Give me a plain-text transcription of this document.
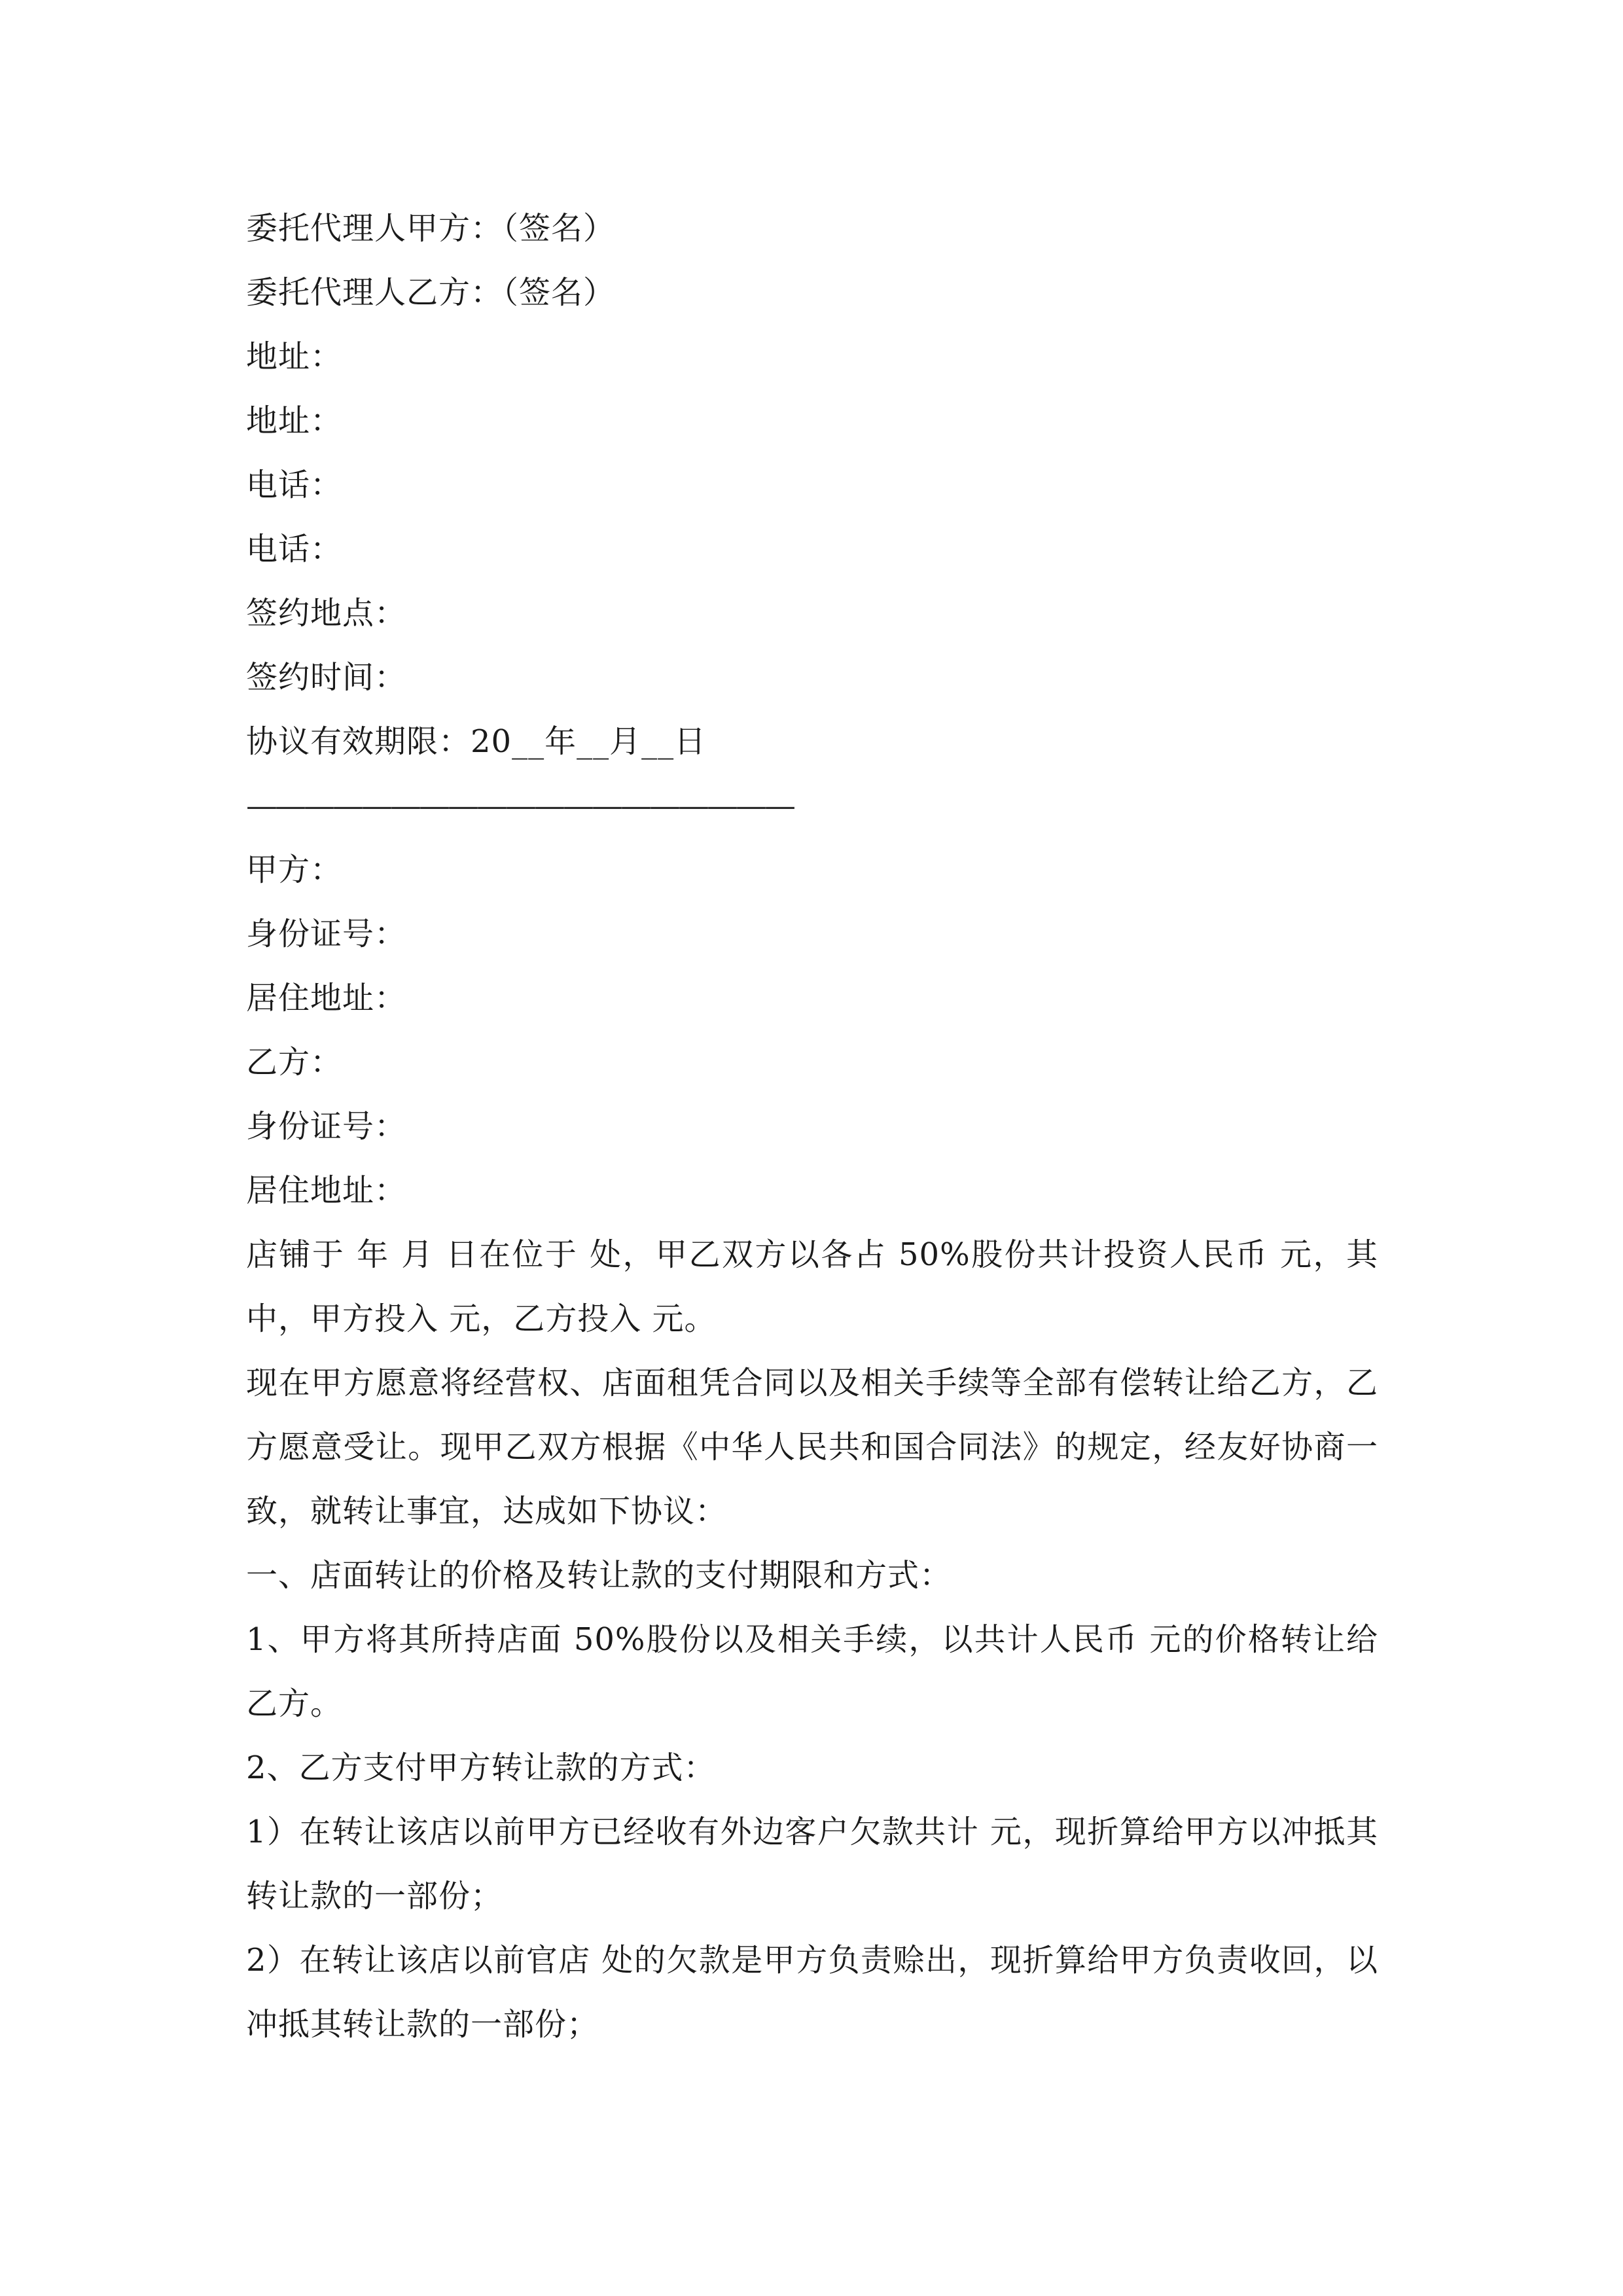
委托代理人甲方：（签名）
委托代理人乙方：（签名）
地址：
地址：
电话：
电话：
签约地点：
签约时间：
协议有效期限：20__年__月__日
———————————————————
甲方：
身份证号：
居住地址：
乙方：
身份证号：
居住地址：
店铺于 年 月 日在位于 处，甲乙双方以各占 50%股份共计投资人民币 元，其中，甲方投入 元，乙方投入 元。
现在甲方愿意将经营权、店面租凭合同以及相关手续等全部有偿转让给乙方，乙方愿意受让。现甲乙双方根据《中华人民共和国合同法》的规定，经友好协商一致，就转让事宜，达成如下协议：
一、店面转让的价格及转让款的支付期限和方式：
1、甲方将其所持店面 50%股份以及相关手续，以共计人民币 元的价格转让给乙方。
2、乙方支付甲方转让款的方式：
1）在转让该店以前甲方已经收有外边客户欠款共计 元，现折算给甲方以冲抵其转让款的一部份；
2）在转让该店以前官店 处的欠款是甲方负责赊出，现折算给甲方负责收回，以冲抵其转让款的一部份；
